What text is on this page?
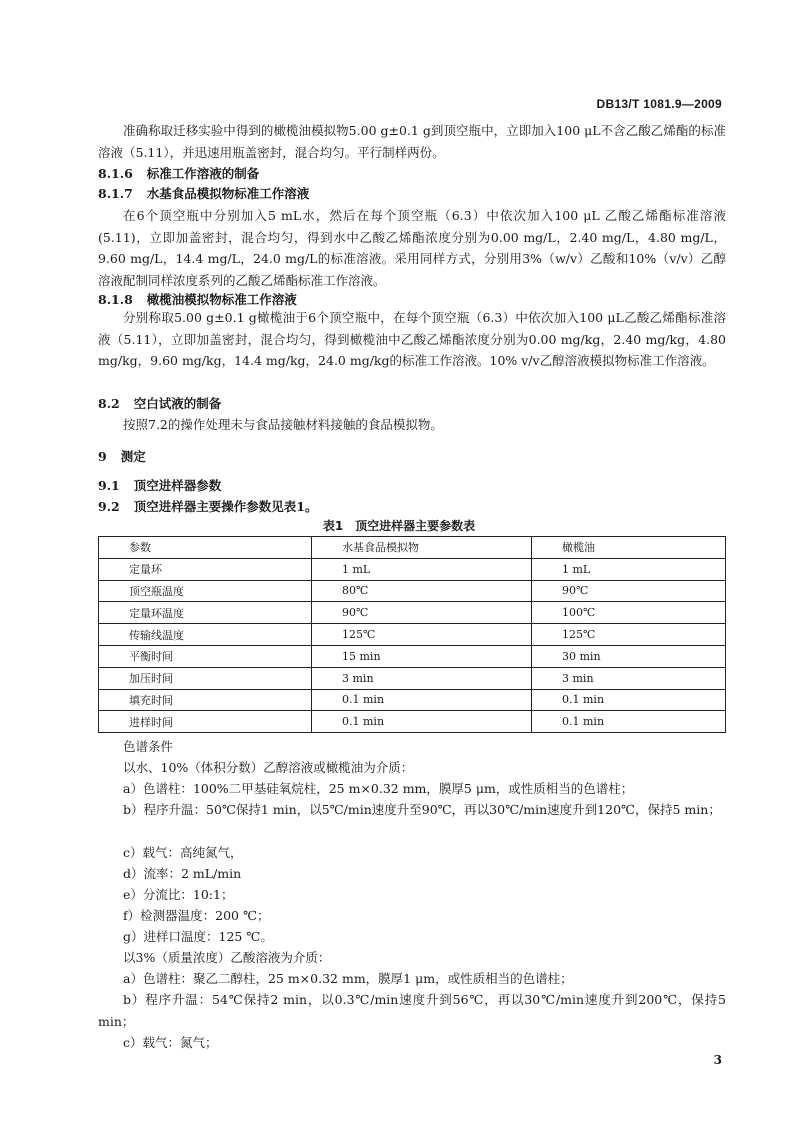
DB13/T 1081.9—2009
准确称取迁移实验中得到的橄榄油模拟物5.00 g±0.1 g到顶空瓶中，立即加入100 μL不含乙酸乙烯酯的标准溶液（5.11），并迅速用瓶盖密封，混合均匀。平行制样两份。
8.1.6 标准工作溶液的制备
8.1.7 水基食品模拟物标准工作溶液
在6个顶空瓶中分别加入5 mL水，然后在每个顶空瓶（6.3）中依次加入100 μL 乙酸乙烯酯标准溶液(5.11)，立即加盖密封，混合均匀，得到水中乙酸乙烯酯浓度分别为0.00 mg/L，2.40 mg/L，4.80 mg/L，9.60 mg/L，14.4 mg/L，24.0 mg/L的标准溶液。采用同样方式，分别用3%（w/v）乙酸和10%（v/v）乙醇溶液配制同样浓度系列的乙酸乙烯酯标准工作溶液。
8.1.8 橄榄油模拟物标准工作溶液
分别称取5.00 g±0.1 g橄榄油于6个顶空瓶中，在每个顶空瓶（6.3）中依次加入100 μL乙酸乙烯酯标准溶液（5.11），立即加盖密封，混合均匀，得到橄榄油中乙酸乙烯酯浓度分别为0.00 mg/kg，2.40 mg/kg，4.80 mg/kg，9.60 mg/kg，14.4 mg/kg，24.0 mg/kg的标准工作溶液。10% v/v乙醇溶液模拟物标准工作溶液。
8.2 空白试液的制备
按照7.2的操作处理未与食品接触材料接触的食品模拟物。
9 测定
9.1 顶空进样器参数
9.2 顶空进样器主要操作参数见表1。
表1　顶空进样器主要参数表
参数	水基食品模拟物	橄榄油
定量环	1 mL	1 mL
顶空瓶温度	80℃	90℃
定量环温度	90℃	100℃
传输线温度	125℃	125℃
平衡时间	15 min	30 min
加压时间	3 min	3 min
填充时间	0.1 min	0.1 min
进样时间	0.1 min	0.1 min
色谱条件
以水、10%（体积分数）乙醇溶液或橄榄油为介质：
a）色谱柱：100%二甲基硅氧烷柱，25 m×0.32 mm，膜厚5 μm，或性质相当的色谱柱；
b）程序升温：50℃保持1 min，以5℃/min速度升至90℃，再以30℃/min速度升到120℃，保持5 min；
c）载气：高纯氮气，
d）流率：2 mL/min
e）分流比：10:1；
f）检测器温度：200 ℃；
g）进样口温度：125 ℃。
以3%（质量浓度）乙酸溶液为介质：
a）色谱柱：聚乙二醇柱，25 m×0.32 mm，膜厚1 μm，或性质相当的色谱柱；
b）程序升温：54℃保持2 min，以0.3℃/min速度升到56℃，再以30℃/min速度升到200℃，保持5 min；
c）载气：氮气；
3
